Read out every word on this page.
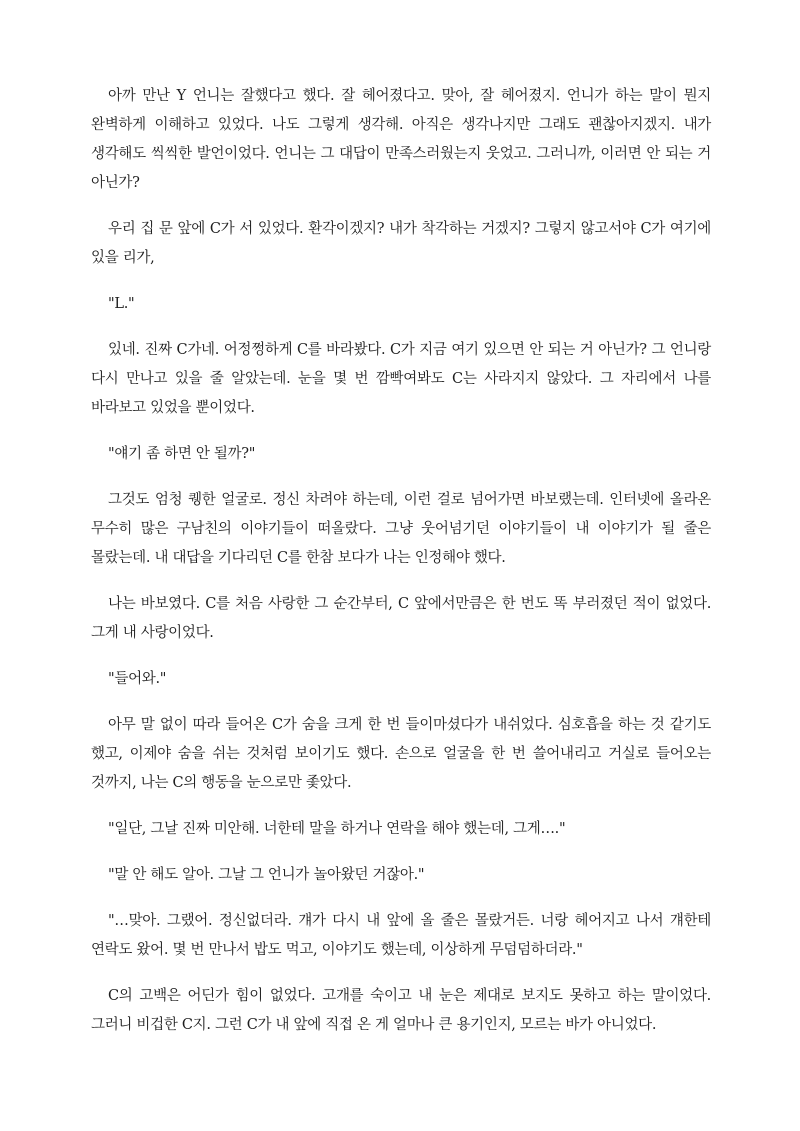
아까 만난 Y 언니는 잘했다고 했다. 잘 헤어졌다고. 맞아, 잘 헤어졌지. 언니가 하는 말이 뭔지 완벽하게 이해하고 있었다. 나도 그렇게 생각해. 아직은 생각나지만 그래도 괜찮아지겠지. 내가 생각해도 씩씩한 발언이었다. 언니는 그 대답이 만족스러웠는지 웃었고. 그러니까, 이러면 안 되는 거 아닌가?

우리 집 문 앞에 C가 서 있었다. 환각이겠지? 내가 착각하는 거겠지? 그렇지 않고서야 C가 여기에 있을 리가,

"L."

있네. 진짜 C가네. 어정쩡하게 C를 바라봤다. C가 지금 여기 있으면 안 되는 거 아닌가? 그 언니랑 다시 만나고 있을 줄 알았는데. 눈을 몇 번 깜빡여봐도 C는 사라지지 않았다. 그 자리에서 나를 바라보고 있었을 뿐이었다.

"얘기 좀 하면 안 될까?"

그것도 엄청 퀭한 얼굴로. 정신 차려야 하는데, 이런 걸로 넘어가면 바보랬는데. 인터넷에 올라온 무수히 많은 구남친의 이야기들이 떠올랐다. 그냥 웃어넘기던 이야기들이 내 이야기가 될 줄은 몰랐는데. 내 대답을 기다리던 C를 한참 보다가 나는 인정해야 했다.

나는 바보였다. C를 처음 사랑한 그 순간부터, C 앞에서만큼은 한 번도 똑 부러졌던 적이 없었다. 그게 내 사랑이었다.

"들어와."

아무 말 없이 따라 들어온 C가 숨을 크게 한 번 들이마셨다가 내쉬었다. 심호흡을 하는 것 같기도 했고, 이제야 숨을 쉬는 것처럼 보이기도 했다. 손으로 얼굴을 한 번 쓸어내리고 거실로 들어오는 것까지, 나는 C의 행동을 눈으로만 좇았다.

"일단, 그날 진짜 미안해. 너한테 말을 하거나 연락을 해야 했는데, 그게…."

"말 안 해도 알아. 그날 그 언니가 놀아왔던 거잖아."

"…맞아. 그랬어. 정신없더라. 걔가 다시 내 앞에 올 줄은 몰랐거든. 너랑 헤어지고 나서 걔한테 연락도 왔어. 몇 번 만나서 밥도 먹고, 이야기도 했는데, 이상하게 무덤덤하더라."

C의 고백은 어딘가 힘이 없었다. 고개를 숙이고 내 눈은 제대로 보지도 못하고 하는 말이었다. 그러니 비겁한 C지. 그런 C가 내 앞에 직접 온 게 얼마나 큰 용기인지, 모르는 바가 아니었다.
